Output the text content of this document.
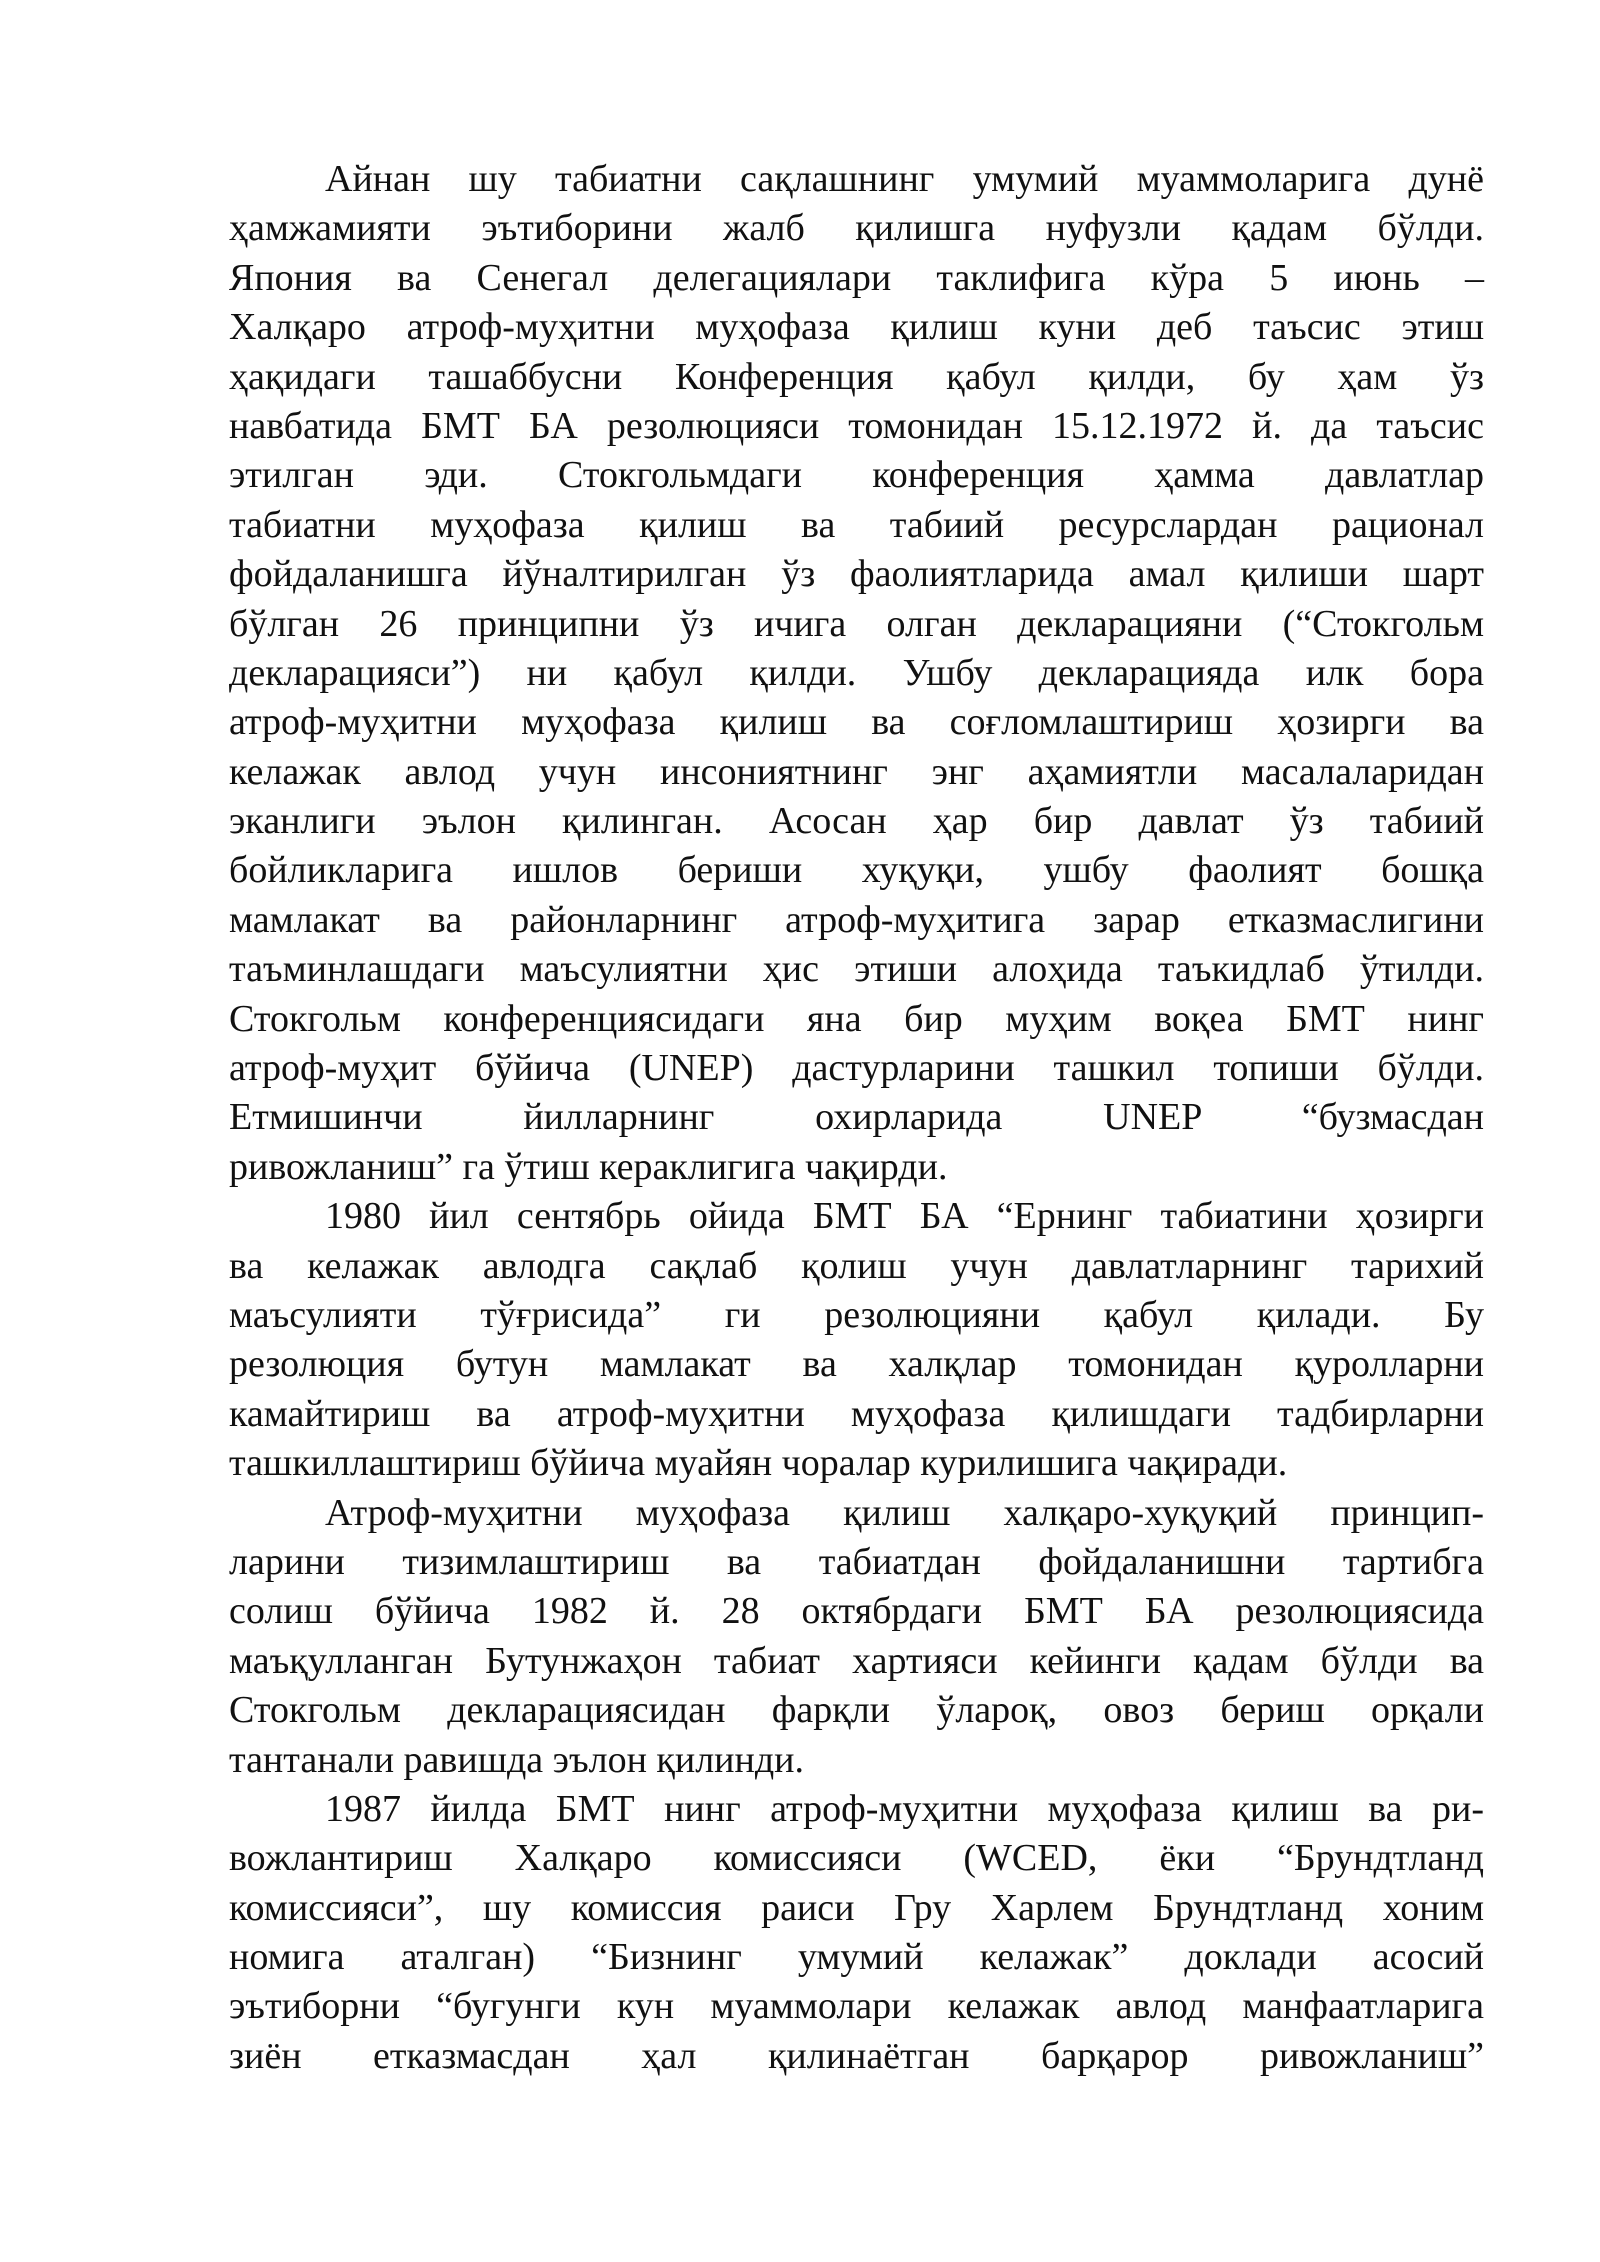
Айнан шу табиатни сақлашнинг умумий муаммоларига дунё
ҳамжамияти эътиборини жалб қилишга нуфузли қадам бўлди.
Япония ва Сенегал делегациялари таклифига кўра 5 июнь –
Халқаро атроф-муҳитни муҳофаза қилиш куни деб таъсис этиш
ҳақидаги ташаббусни Конференция қабул қилди, бу ҳам ўз
навбатида БМТ БА резолюцияси томонидан 15.12.1972 й. да таъсис
этилган эди. Стокгольмдаги конференция ҳамма давлатлар
табиатни муҳофаза қилиш ва табиий ресурслардан рационал
фойдаланишга йўналтирилган ўз фаолиятларида амал қилиши шарт
бўлган 26 принципни ўз ичига олган декларацияни (“Стокгольм
декларацияси”) ни қабул қилди. Ушбу декларацияда илк бора
атроф-муҳитни муҳофаза қилиш ва соғломлаштириш ҳозирги ва
келажак авлод учун инсониятнинг энг аҳамиятли масалаларидан
эканлиги эълон қилинган. Асосан ҳар бир давлат ўз табиий
бойликларига ишлов бериши хуқуқи, ушбу фаолият бошқа
мамлакат ва районларнинг атроф-муҳитига зарар етказмаслигини
таъминлашдаги маъсулиятни ҳис этиши алоҳида таъкидлаб ўтилди.
Стокгольм конференциясидаги яна бир муҳим воқеа БМТ нинг
атроф-муҳит бўйича (UNEP) дастурларини ташкил топиши бўлди.
Етмишинчи йилларнинг охирларида UNEP “бузмасдан
ривожланиш” га ўтиш кераклигига чақирди.
1980 йил сентябрь ойида БМТ БА “Ернинг табиатини ҳозирги
ва келажак авлодга сақлаб қолиш учун давлатларнинг тарихий
маъсулияти тўғрисида” ги резолюцияни қабул қилади. Бу
резолюция бутун мамлакат ва халқлар томонидан қуролларни
камайтириш ва атроф-муҳитни муҳофаза қилишдаги тадбирларни
ташкиллаштириш бўйича муайян чоралар курилишига чақиради.
Атроф-муҳитни муҳофаза қилиш халқаро-хуқуқий принцип-
ларини тизимлаштириш ва табиатдан фойдаланишни тартибга
солиш бўйича 1982 й. 28 октябрдаги БМТ БА резолюциясида
маъқулланган Бутунжаҳон табиат хартияси кейинги қадам бўлди ва
Стокгольм декларациясидан фарқли ўлароқ, овоз бериш орқали
тантанали равишда эълон қилинди.
1987 йилда БМТ нинг атроф-муҳитни муҳофаза қилиш ва ри-
вожлантириш Халқаро комиссияси (WCED, ёки “Брундтланд
комиссияси”, шу комиссия раиси Гру Харлем Брундтланд хоним
номига аталган) “Бизнинг умумий келажак” доклади асосий
эътиборни “бугунги кун муаммолари келажак авлод манфаатларига
зиён етказмасдан ҳал қилинаётган барқарор ривожланиш”
